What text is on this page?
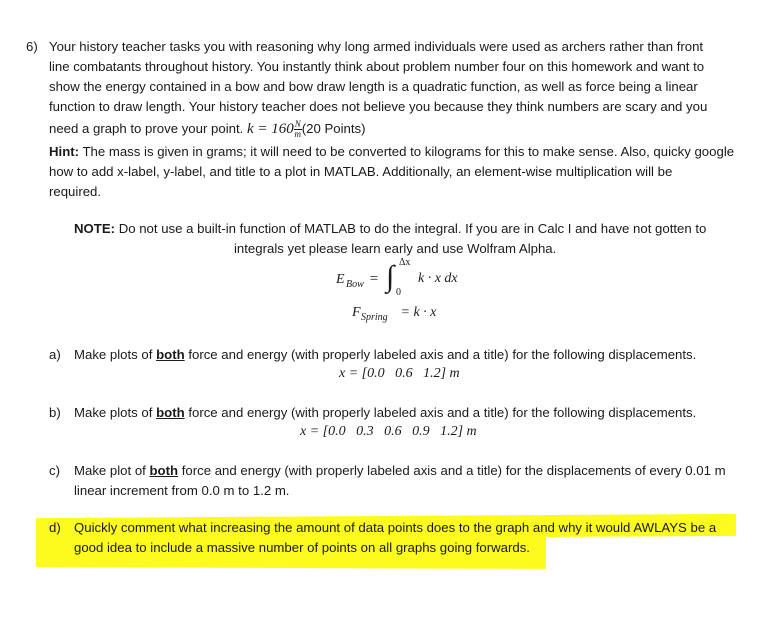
6) Your history teacher tasks you with reasoning why long armed individuals were used as archers rather than front
line combatants throughout history. You instantly think about problem number four on this homework and want to
show the energy contained in a bow and bow draw length is a quadratic function, as well as force being a linear
function to draw length. Your history teacher does not believe you because they think numbers are scary and you
need a graph to prove your point. $k = 160 \frac{N}{m} (20$ Points)
Hint: The mass is given in grams; it will need to be converted to kilograms for this to make sense. Also, quicky google
how to add x-label, y-label, and title to a plot in MATLAB. Additionally, an element-wise multiplication will be
required.
NOTE: Do not use a built-in function of MATLAB to do the integral. If you are in Calc I and have not gotten to
integrals yet please learn early and use Wolfram Alpha.
E Bow = ∫ Δx
0
k · x dx
F Spring = k · x
a) Make plots of both force and energy (with properly labeled axis and a title) for the following displacements.
x = [0.0   0.6   1.2] m
b) Make plots of both force and energy (with properly labeled axis and a title) for the following displacements.
x = [0.0   0.3   0.6   0.9   1.2] m
c) Make plot of both force and energy (with properly labeled axis and a title) for the displacements of every 0.01 m
linear increment from 0.0 m to 1.2 m.
d) Quickly comment what increasing the amount of data points does to the graph and why it would AWLAYS be a
good idea to include a massive number of points on all graphs going forwards.
